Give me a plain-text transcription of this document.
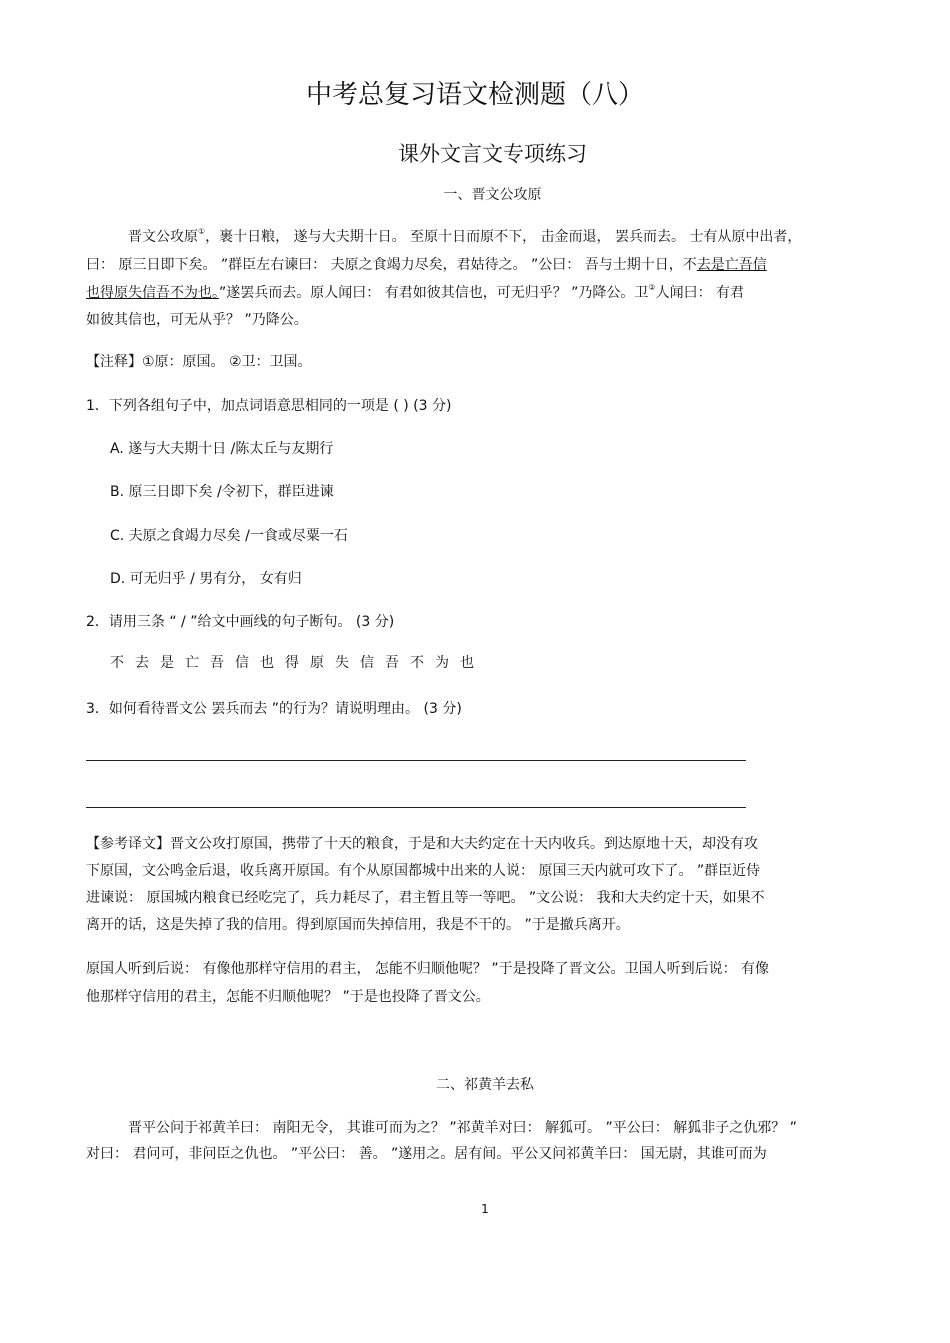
中考总复习语文检测题（八）
课外文言文专项练习
一、晋文公攻原
晋文公攻原①，裹十日粮， 遂与大夫期十日。 至原十日而原不下， 击金而退， 罢兵而去。 士有从原中出者，
曰： 原三日即下矣。 ”群臣左右谏曰： 夫原之食竭力尽矣，君姑待之。 ”公曰： 吾与士期十日，不去是亡吾信
也得原失信吾不为也。”遂罢兵而去。原人闻曰： 有君如彼其信也，可无归乎？ ”乃降公。卫②人闻曰： 有君
如彼其信也，可无从乎？ ”乃降公。
【注释】①原：原国。 ②卫：卫国。
1．下列各组句子中，加点词语意思相同的一项是 ( ) (3 分)
A. 遂与大夫期十日 /陈太丘与友期行
B. 原三日即下矣 /令初下，群臣进谏
C. 夫原之食竭力尽矣 /一食或尽粟一石
D. 可无归乎 / 男有分， 女有归
2．请用三条 “ / ”给文中画线的句子断句。 (3 分)
不去是亡吾信也得原失信吾不为也
3．如何看待晋文公 罢兵而去 ”的行为？请说明理由。 (3 分)
【参考译文】晋文公攻打原国，携带了十天的粮食，于是和大夫约定在十天内收兵。到达原地十天，却没有攻
下原国，文公鸣金后退，收兵离开原国。有个从原国都城中出来的人说： 原国三天内就可攻下了。 ”群臣近侍
进谏说： 原国城内粮食已经吃完了，兵力耗尽了，君主暂且等一等吧。 ”文公说： 我和大夫约定十天，如果不
离开的话，这是失掉了我的信用。得到原国而失掉信用，我是不干的。 ”于是撤兵离开。
原国人听到后说： 有像他那样守信用的君主， 怎能不归顺他呢？ ”于是投降了晋文公。卫国人听到后说： 有像
他那样守信用的君主，怎能不归顺他呢？ ”于是也投降了晋文公。
二、祁黄羊去私
晋平公问于祁黄羊曰： 南阳无令， 其谁可而为之？ ”祁黄羊对曰： 解狐可。 ”平公曰： 解狐非子之仇邪？ ”
对曰： 君问可，非问臣之仇也。 ”平公曰： 善。 ”遂用之。居有间。平公又问祁黄羊曰： 国无尉，其谁可而为
1
